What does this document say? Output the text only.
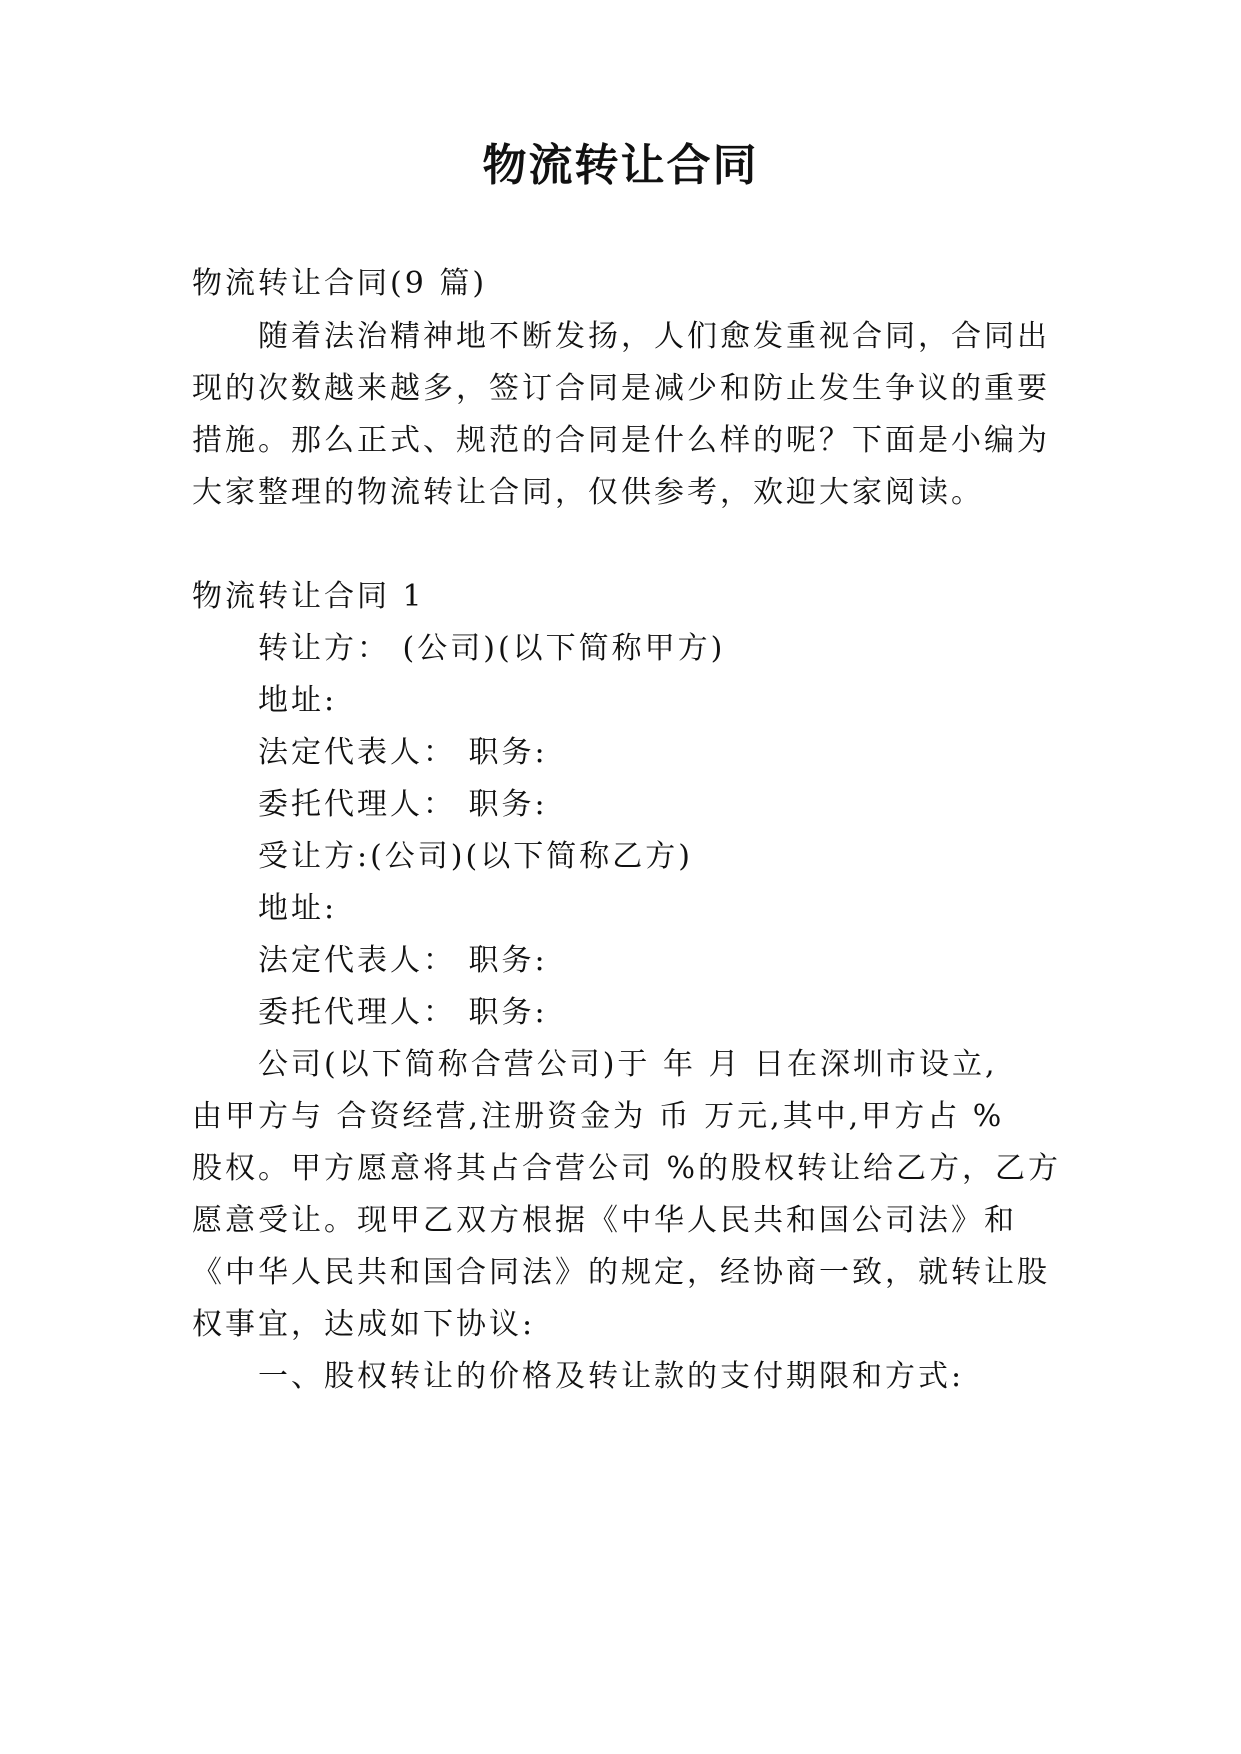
物流转让合同
物流转让合同(9 篇)
随着法治精神地不断发扬，人们愈发重视合同，合同出
现的次数越来越多，签订合同是减少和防止发生争议的重要
措施。那么正式、规范的合同是什么样的呢？下面是小编为
大家整理的物流转让合同，仅供参考，欢迎大家阅读。
物流转让合同 1
转让方： (公司)(以下简称甲方)
地址:
法定代表人： 职务:
委托代理人： 职务:
受让方:(公司)(以下简称乙方)
地址:
法定代表人： 职务:
委托代理人： 职务:
公司(以下简称合营公司)于 年 月 日在深圳市设立,
由甲方与 合资经营,注册资金为 币 万元,其中,甲方占 %
股权。甲方愿意将其占合营公司 %的股权转让给乙方，乙方
愿意受让。现甲乙双方根据《中华人民共和国公司法》和
《中华人民共和国合同法》的规定，经协商一致，就转让股
权事宜，达成如下协议:
一、股权转让的价格及转让款的支付期限和方式:
